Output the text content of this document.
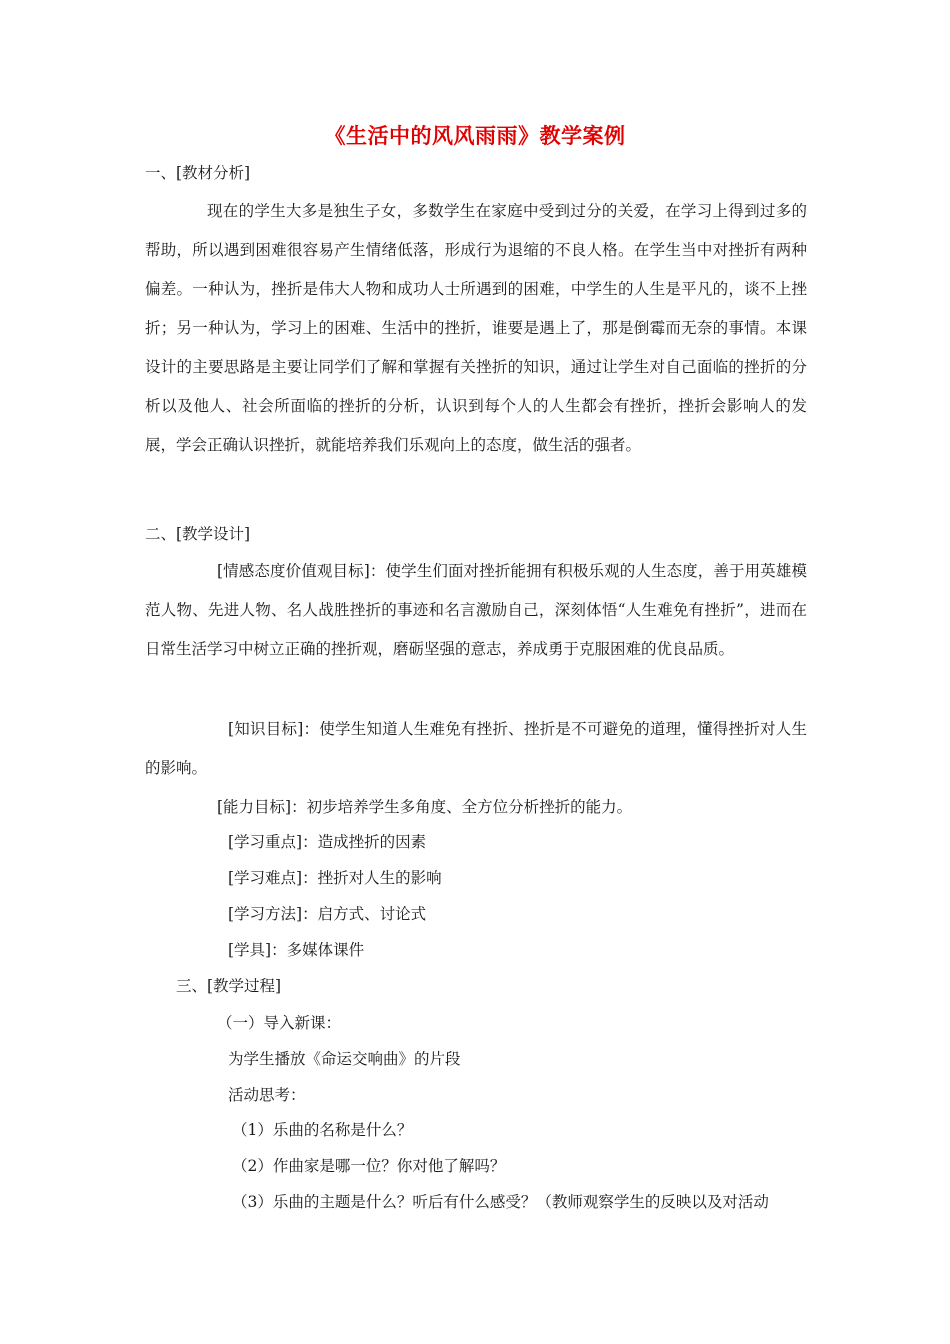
《生活中的风风雨雨》教学案例
一、[教材分析]
现在的学生大多是独生子女，多数学生在家庭中受到过分的关爱，在学习上得到过多的帮助，所以遇到困难很容易产生情绪低落，形成行为退缩的不良人格。在学生当中对挫折有两种偏差。一种认为，挫折是伟大人物和成功人士所遇到的困难，中学生的人生是平凡的，谈不上挫折；另一种认为，学习上的困难、生活中的挫折，谁要是遇上了，那是倒霉而无奈的事情。本课设计的主要思路是主要让同学们了解和掌握有关挫折的知识，通过让学生对自己面临的挫折的分析以及他人、社会所面临的挫折的分析，认识到每个人的人生都会有挫折，挫折会影响人的发展，学会正确认识挫折，就能培养我们乐观向上的态度，做生活的强者。
二、[教学设计]
[情感态度价值观目标]：使学生们面对挫折能拥有积极乐观的人生态度，善于用英雄模范人物、先进人物、名人战胜挫折的事迹和名言激励自己，深刻体悟“人生难免有挫折”，进而在日常生活学习中树立正确的挫折观，磨砺坚强的意志，养成勇于克服困难的优良品质。
[知识目标]：使学生知道人生难免有挫折、挫折是不可避免的道理，懂得挫折对人生的影响。
[能力目标]：初步培养学生多角度、全方位分析挫折的能力。
[学习重点]：造成挫折的因素
[学习难点]：挫折对人生的影响
[学习方法]：启方式、讨论式
[学具]：多媒体课件
三、[教学过程]
（一）导入新课：
为学生播放《命运交响曲》的片段
活动思考：
（1）乐曲的名称是什么？
（2）作曲家是哪一位？你对他了解吗？
（3）乐曲的主题是什么？听后有什么感受？（教师观察学生的反映以及对活动
